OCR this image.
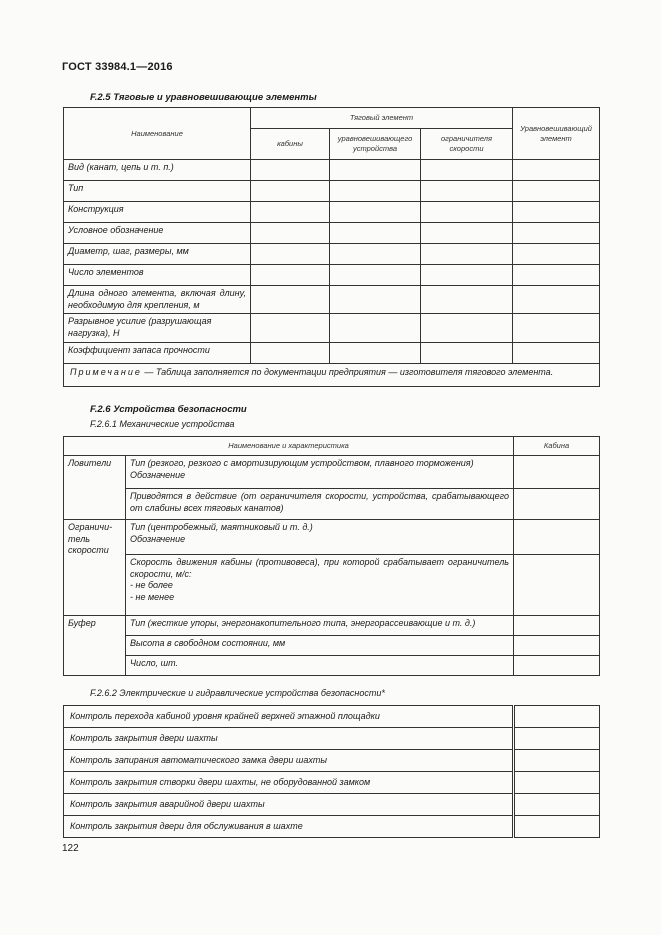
ГОСТ 33984.1—2016
F.2.5 Тяговые и уравновешивающие элементы
Наименование	Тяговый элемент			Уравновешивающий элемент
	кабины	уравновешивающего устройства	ограничителя скорости	
Вид (канат, цепь и т. п.)				
Тип				
Конструкция				
Условное обозначение				
Диаметр, шаг, размеры, мм				
Число элементов				
Длина одного элемента, включая длину, необходимую для крепления, м				
Разрывное усилие (разрушающая нагрузка), Н				
Коэффициент запаса прочности				
Примечание — Таблица заполняется по документации предприятия — изготовителя тягового элемента.				
F.2.6 Устройства безопасности
F.2.6.1 Механические устройства
Наименование и характеристика		Кабина
Ловители	Тип (резкого, резкого с амортизирующим устройством, плавного торможения)
Обозначение	

	Приводятся в действие (от ограничителя скорости, устройства, срабатывающего от слабины всех тяговых канатов)	

Ограничитель скорости	Тип (центробежный, маятниковый и т. д.)
Обозначение	

	Скорость движения кабины (противовеса), при которой срабатывает ограничитель скорости, м/с:
- не более
- не менее	

Буфер	Тип (жесткие упоры, энергонакопительного типа, энергорассеивающие и т. д.)	

	Высота в свободном состоянии, мм	

	Число, шт.	

F.2.6.2 Электрические и гидравлические устройства безопасности*
Контроль перехода кабиной уровня крайней верхней этажной площадки	
Контроль закрытия двери шахты	
Контроль запирания автоматического замка двери шахты	
Контроль закрытия створки двери шахты, не оборудованной замком	
Контроль закрытия аварийной двери шахты	
Контроль закрытия двери для обслуживания в шахте	
122
